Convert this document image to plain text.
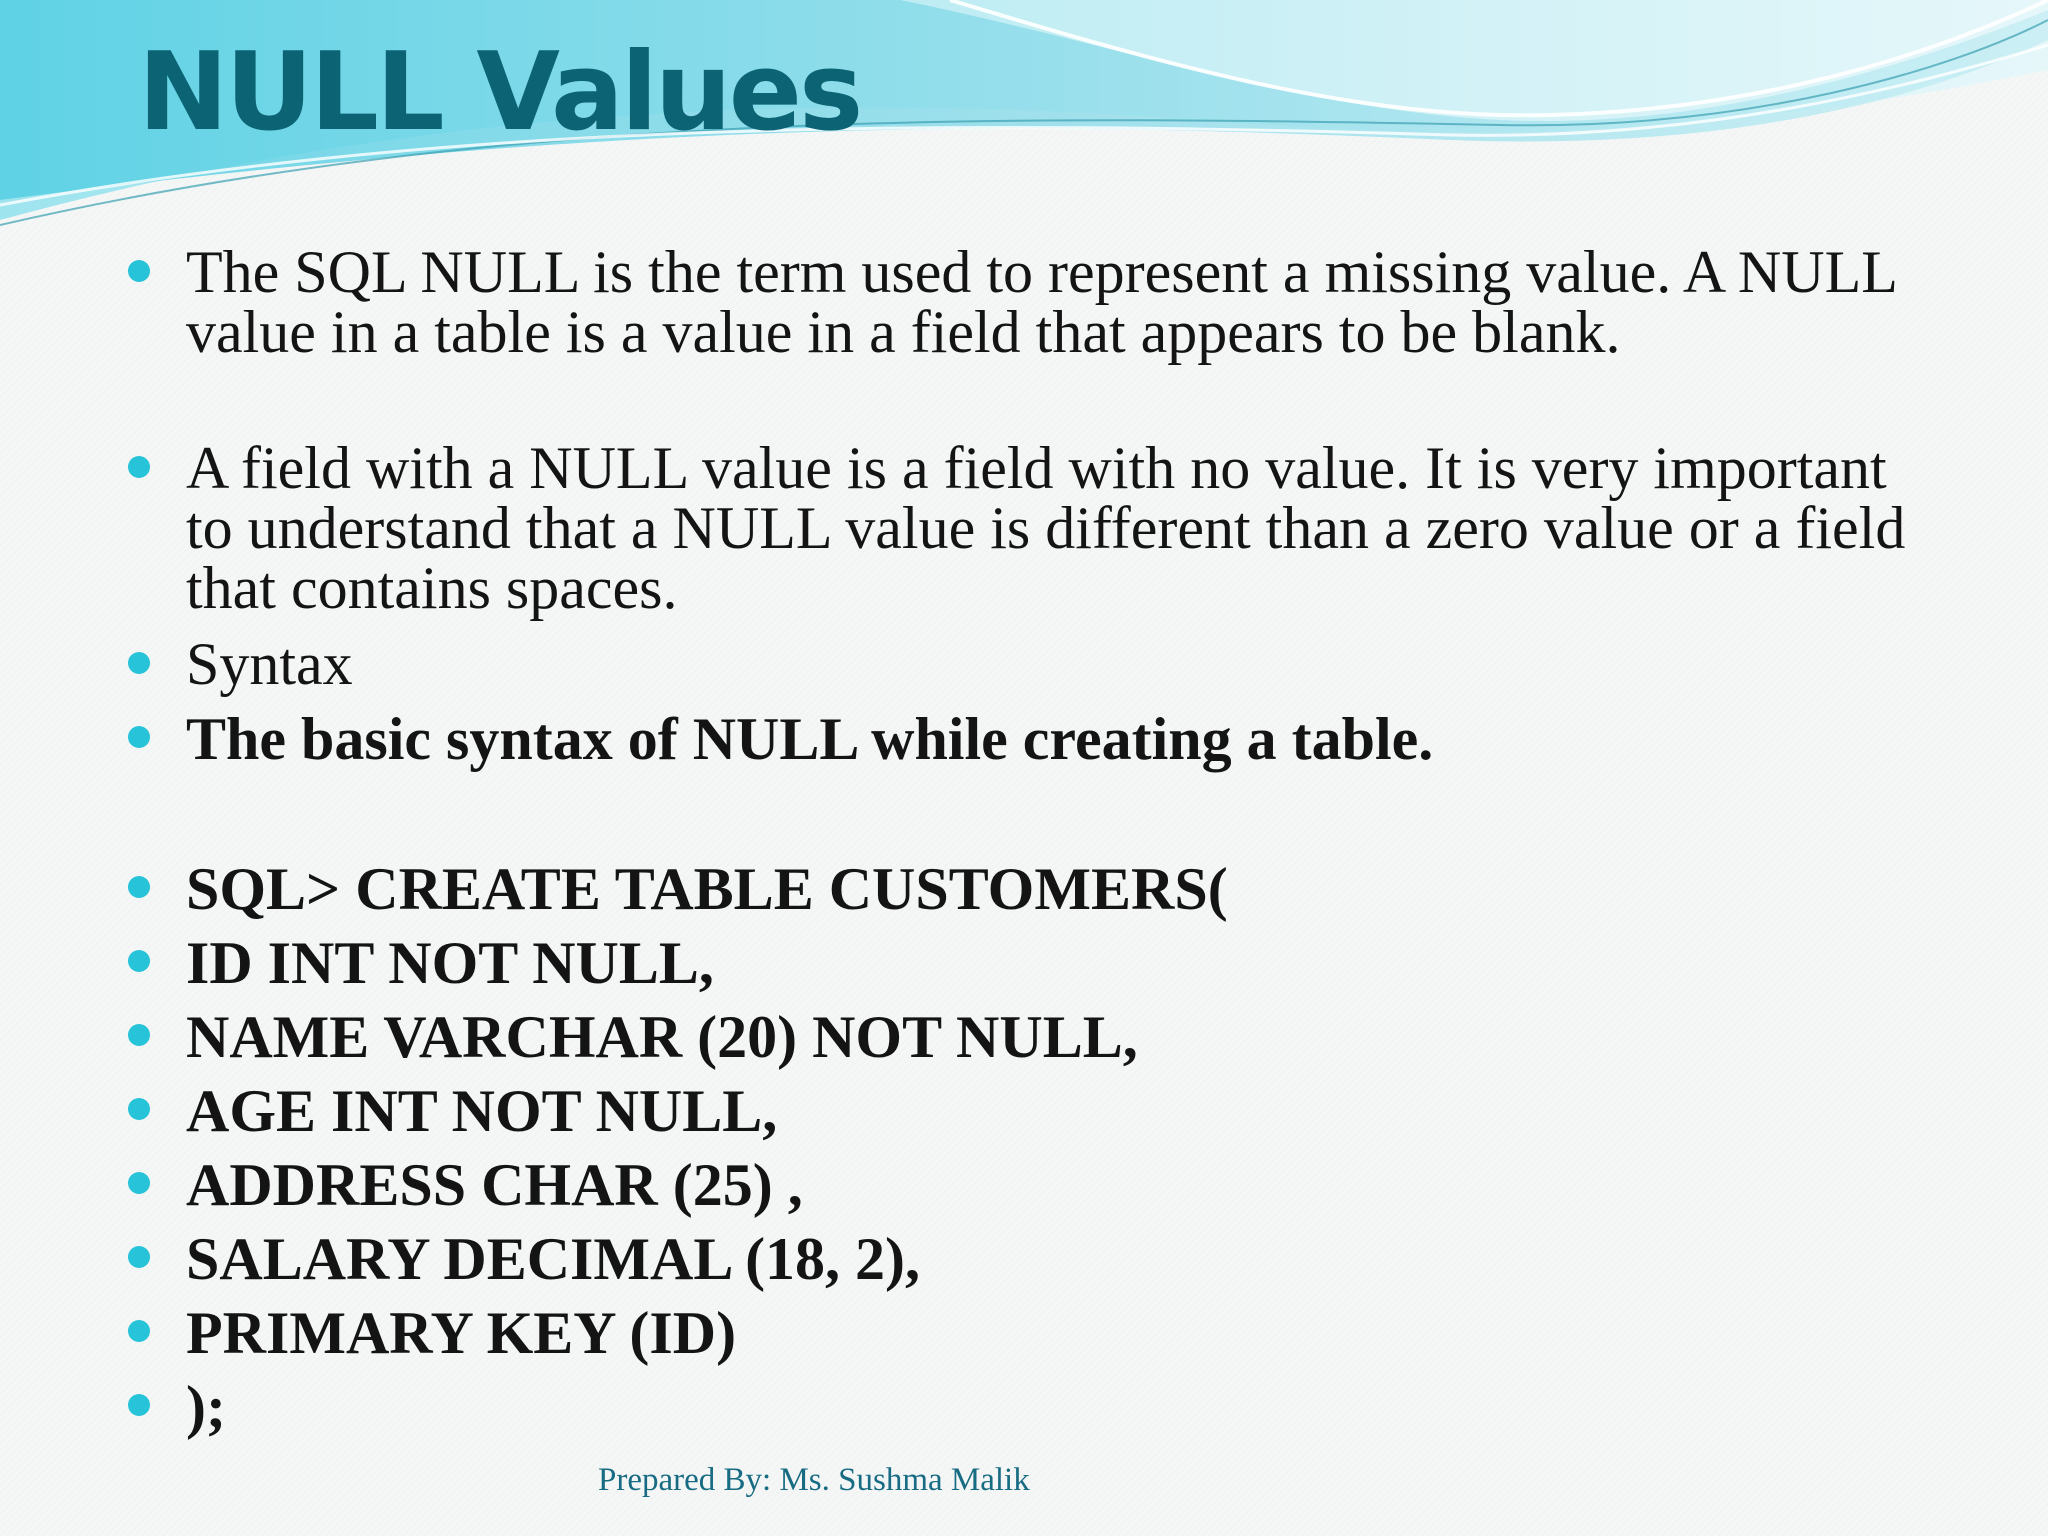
NULL Values
The SQL NULL is the term used to represent a missing value. A NULL value in a table is a value in a field that appears to be blank.
A field with a NULL value is a field with no value. It is very important to understand that a NULL value is different than a zero value or a field that contains spaces.
Syntax
The basic syntax of NULL while creating a table.
SQL> CREATE TABLE CUSTOMERS(
ID INT NOT NULL,
NAME VARCHAR (20) NOT NULL,
AGE INT NOT NULL,
ADDRESS CHAR (25) ,
SALARY DECIMAL (18, 2),
PRIMARY KEY (ID)
);
Prepared By: Ms. Sushma Malik
